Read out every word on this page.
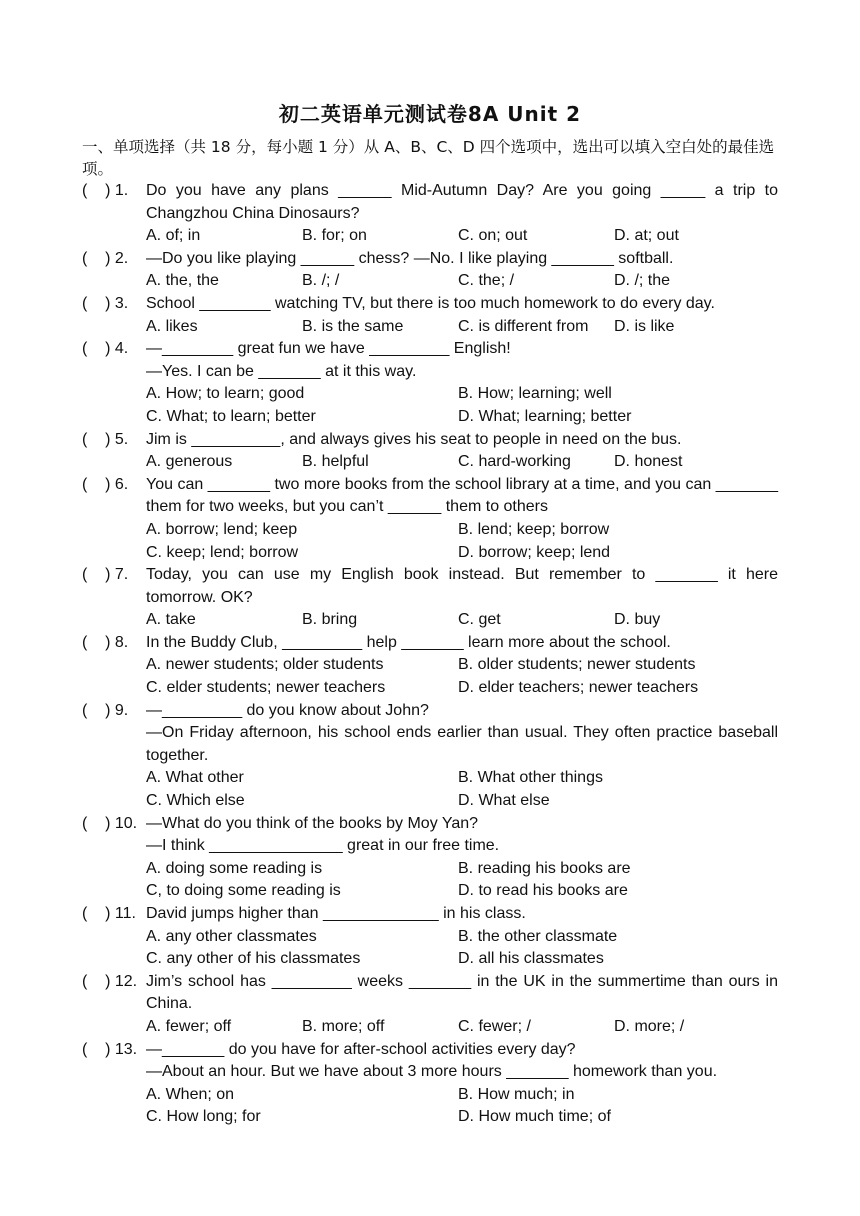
初二英语单元测试卷8A Unit 2
一、单项选择（共 18 分，每小题 1 分）从 A、B、C、D 四个选项中，选出可以填入空白处的最佳选项。
(    ) 1.	Do you have any plans ______ Mid-Autumn Day? Are you going _____ a trip to Changzhou China Dinosaurs?
A. of; in	B. for; on	C. on; out	D. at; out
(    ) 2.	—Do you like playing ______ chess? —No. I like playing _______ softball.
A. the, the	B. /; /	C. the; /	D. /; the
(    ) 3.	School ________ watching TV, but there is too much homework to do every day.
A. likes	B. is the same	C. is different from	D. is like
(    ) 4.	—________ great fun we have _________ English!
—Yes. I can be _______ at it this way.
A. How; to learn; good	B. How; learning; well
C. What; to learn; better	D. What; learning; better
(    ) 5.	Jim is __________, and always gives his seat to people in need on the bus.
A. generous	B. helpful	C. hard-working	D. honest
(    ) 6.	You can _______ two more books from the school library at a time, and you can _______ them for two weeks, but you can’t ______ them to others
A. borrow; lend; keep	B. lend; keep; borrow
C. keep; lend; borrow	D. borrow; keep; lend
(    ) 7.	Today, you can use my English book instead. But remember to _______ it here tomorrow. OK?
A. take	B. bring	C. get	D. buy
(    ) 8.	In the Buddy Club, _________ help _______ learn more about the school.
A. newer students; older students	B. older students; newer students
C. elder students; newer teachers	D. elder teachers; newer teachers
(    ) 9.	—_________ do you know about John?
—On Friday afternoon, his school ends earlier than usual. They often practice baseball together.
A. What other	B. What other things
C. Which else	D. What else
(    ) 10. —What do you think of the books by Moy Yan?
—I think _______________ great in our free time.
A. doing some reading is	B. reading his books are
C, to doing some reading is	D. to read his books are
(    ) 11. David jumps higher than _____________ in his class.
A. any other classmates	B. the other classmate
C. any other of his classmates	D. all his classmates
(    ) 12. Jim’s school has _________ weeks _______ in the UK in the summertime than ours in China.
A. fewer; off	B. more; off	C. fewer; /	D. more; /
(    ) 13. —_______ do you have for after-school activities every day?
—About an hour. But we have about 3 more hours _______ homework than you.
A. When; on	B. How much; in
C. How long; for	D. How much time; of
